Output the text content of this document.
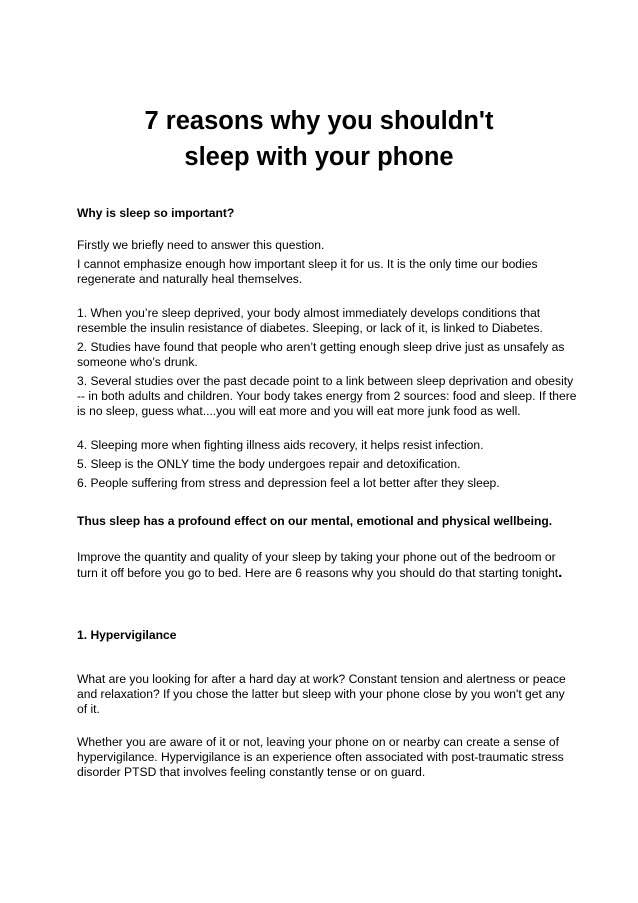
7 reasons why you shouldn't
sleep with your phone

Why is sleep so important?

Firstly we briefly need to answer this question.

I cannot emphasize enough how important sleep it for us. It is the only time our bodies regenerate and naturally heal themselves.

1. When you’re sleep deprived, your body almost immediately develops conditions that resemble the insulin resistance of diabetes. Sleeping, or lack of it, is linked to Diabetes.

2. Studies have found that people who aren’t getting enough sleep drive just as unsafely as someone who’s drunk.

3. Several studies over the past decade point to a link between sleep deprivation and obesity -- in both adults and children. Your body takes energy from 2 sources: food and sleep. If there is no sleep, guess what....you will eat more and you will eat more junk food as well.

4. Sleeping more when fighting illness aids recovery, it helps resist infection.

5. Sleep is the ONLY time the body undergoes repair and detoxification.

6. People suffering from stress and depression feel a lot better after they sleep.

Thus sleep has a profound effect on our mental, emotional and physical wellbeing.

Improve the quantity and quality of your sleep by taking your phone out of the bedroom or turn it off before you go to bed. Here are 6 reasons why you should do that starting tonight.

1. Hypervigilance

What are you looking for after a hard day at work? Constant tension and alertness or peace and relaxation? If you chose the latter but sleep with your phone close by you won't get any of it.

Whether you are aware of it or not, leaving your phone on or nearby can create a sense of hypervigilance. Hypervigilance is an experience often associated with post-traumatic stress disorder PTSD that involves feeling constantly tense or on guard.
